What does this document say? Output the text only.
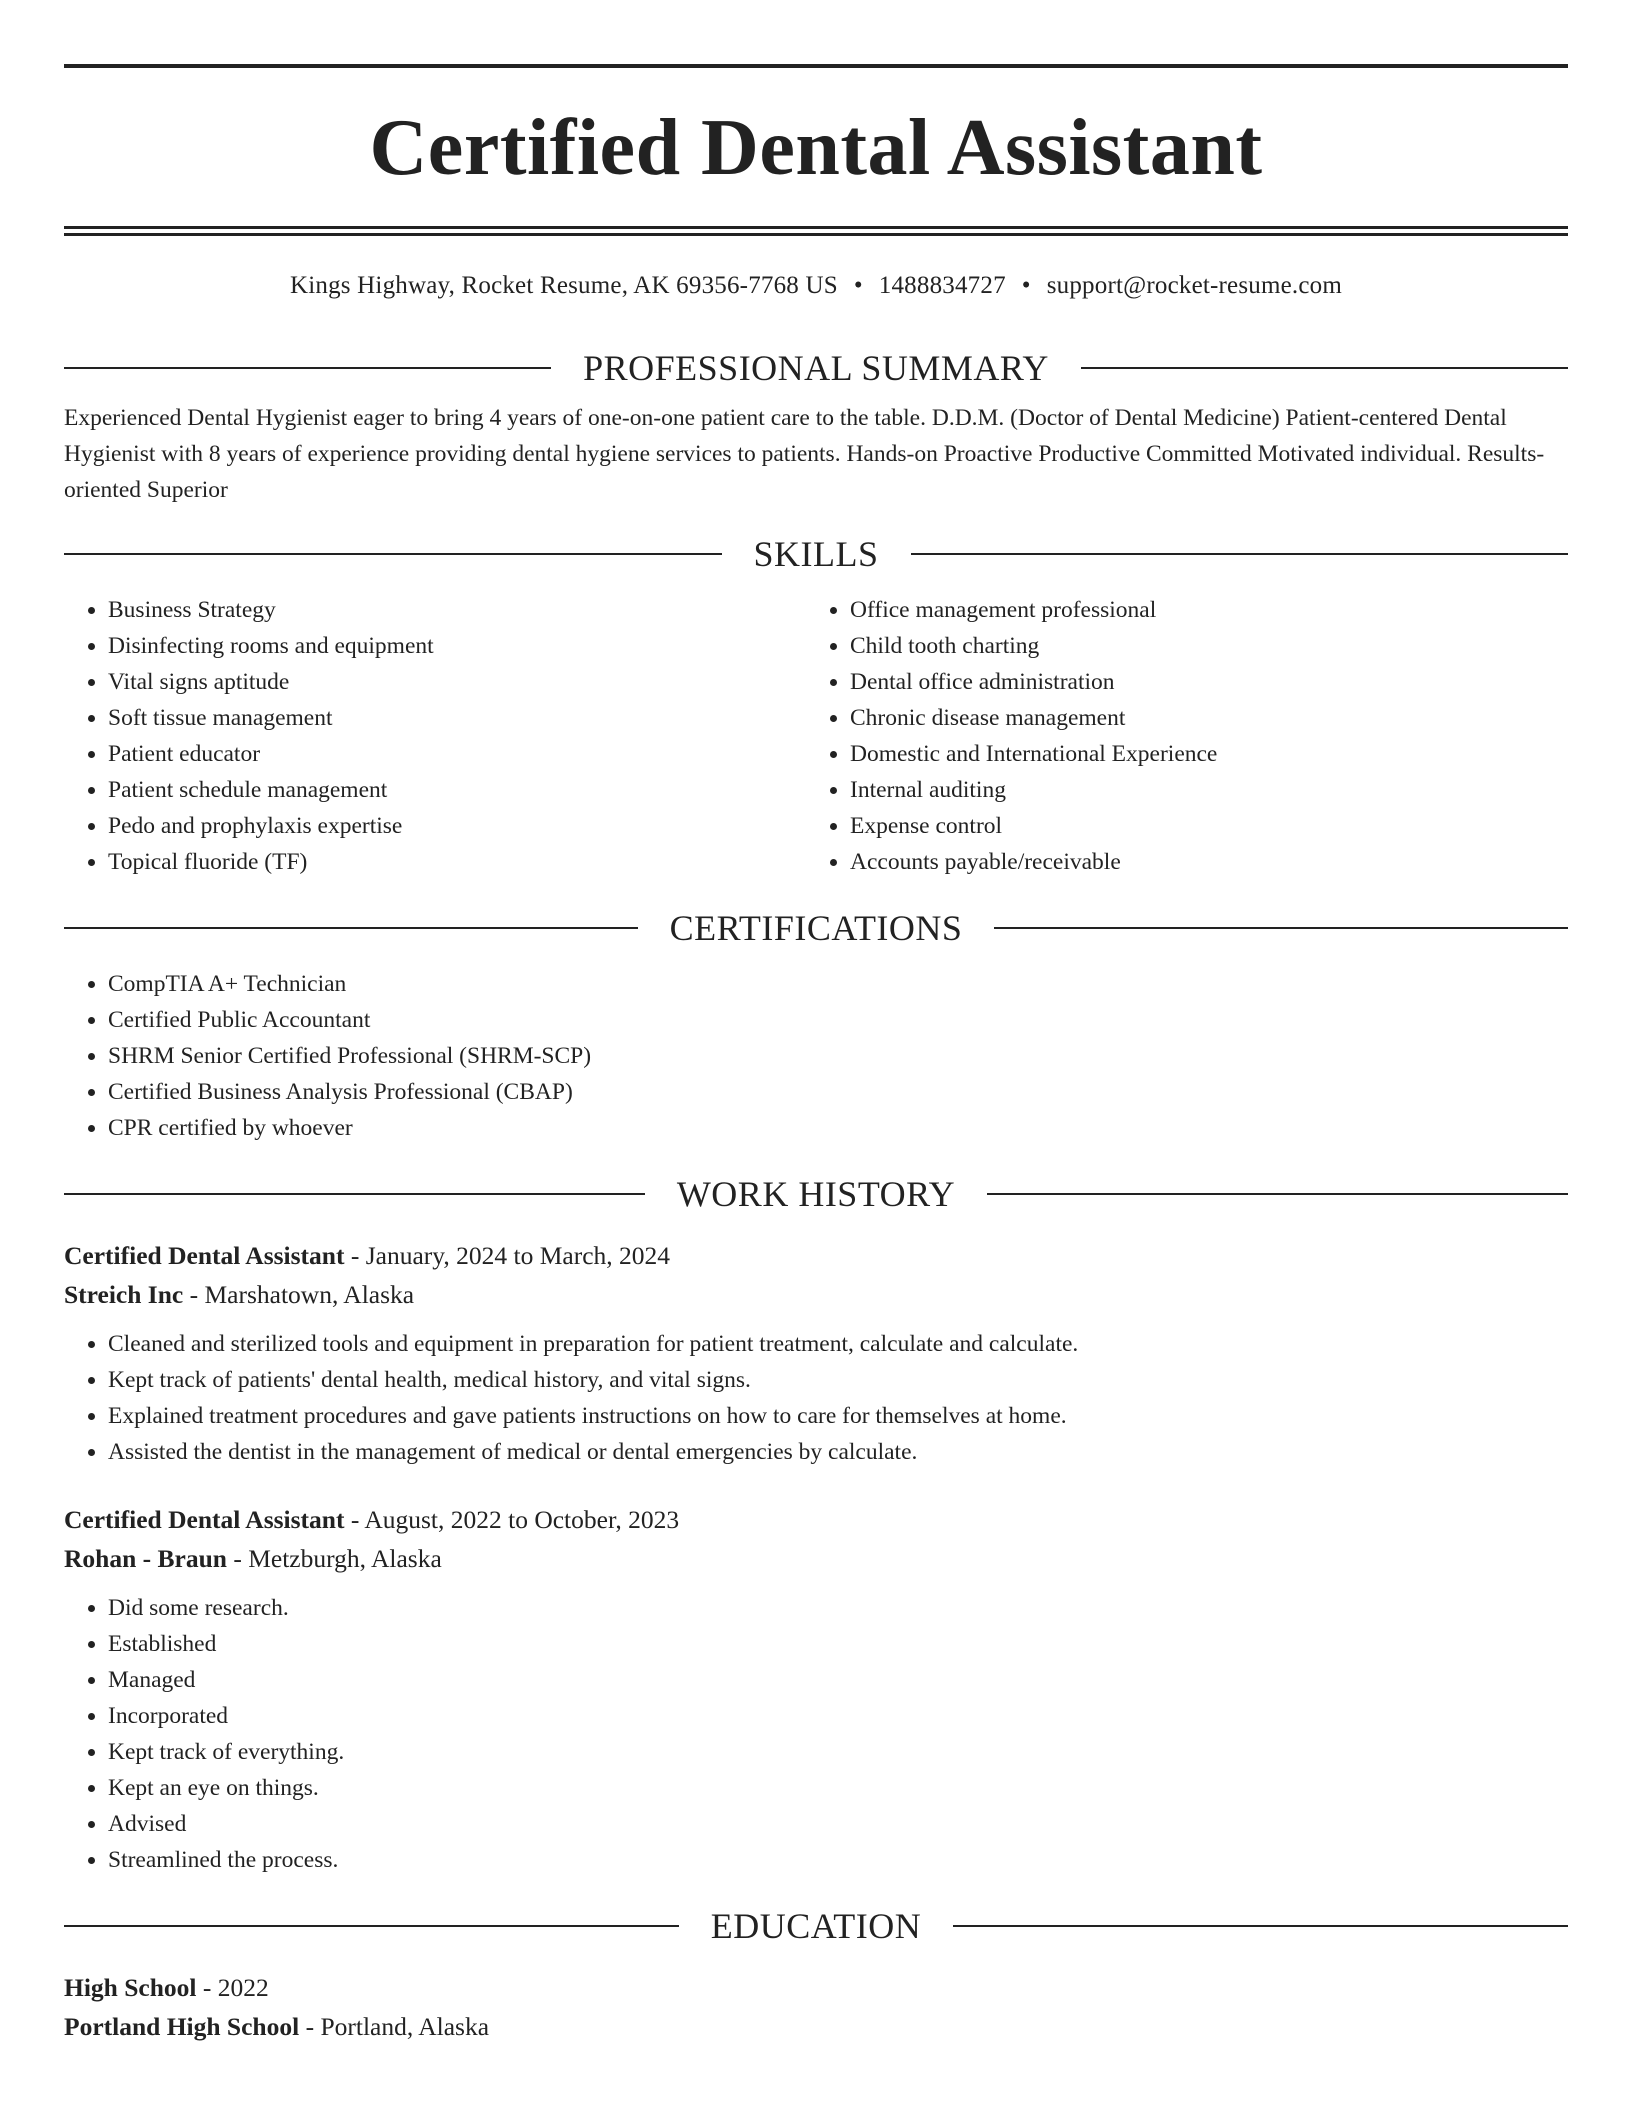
Certified Dental Assistant
Kings Highway, Rocket Resume, AK 69356-7768 US • 1488834727 • support@rocket-resume.com
PROFESSIONAL SUMMARY

Experienced Dental Hygienist eager to bring 4 years of one-on-one patient care to the table. D.D.M. (Doctor of Dental Medicine) Patient-centered Dental Hygienist with 8 years of experience providing dental hygiene services to patients. Hands-on Proactive Productive Committed Motivated individual. Results-oriented Superior

SKILLS
• Business Strategy
• Disinfecting rooms and equipment
• Vital signs aptitude
• Soft tissue management
• Patient educator
• Patient schedule management
• Pedo and prophylaxis expertise
• Topical fluoride (TF)
• Office management professional
• Child tooth charting
• Dental office administration
• Chronic disease management
• Domestic and International Experience
• Internal auditing
• Expense control
• Accounts payable/receivable
CERTIFICATIONS
• CompTIA A+ Technician
• Certified Public Accountant
• SHRM Senior Certified Professional (SHRM-SCP)
• Certified Business Analysis Professional (CBAP)
• CPR certified by whoever
WORK HISTORY
Certified Dental Assistant - January, 2024 to March, 2024
Streich Inc - Marshatown, Alaska
• Cleaned and sterilized tools and equipment in preparation for patient treatment, calculate and calculate.
• Kept track of patients' dental health, medical history, and vital signs.
• Explained treatment procedures and gave patients instructions on how to care for themselves at home.
• Assisted the dentist in the management of medical or dental emergencies by calculate.
Certified Dental Assistant - August, 2022 to October, 2023
Rohan - Braun - Metzburgh, Alaska
• Did some research.
• Established
• Managed
• Incorporated
• Kept track of everything.
• Kept an eye on things.
• Advised
• Streamlined the process.
EDUCATION
High School - 2022
Portland High School - Portland, Alaska
